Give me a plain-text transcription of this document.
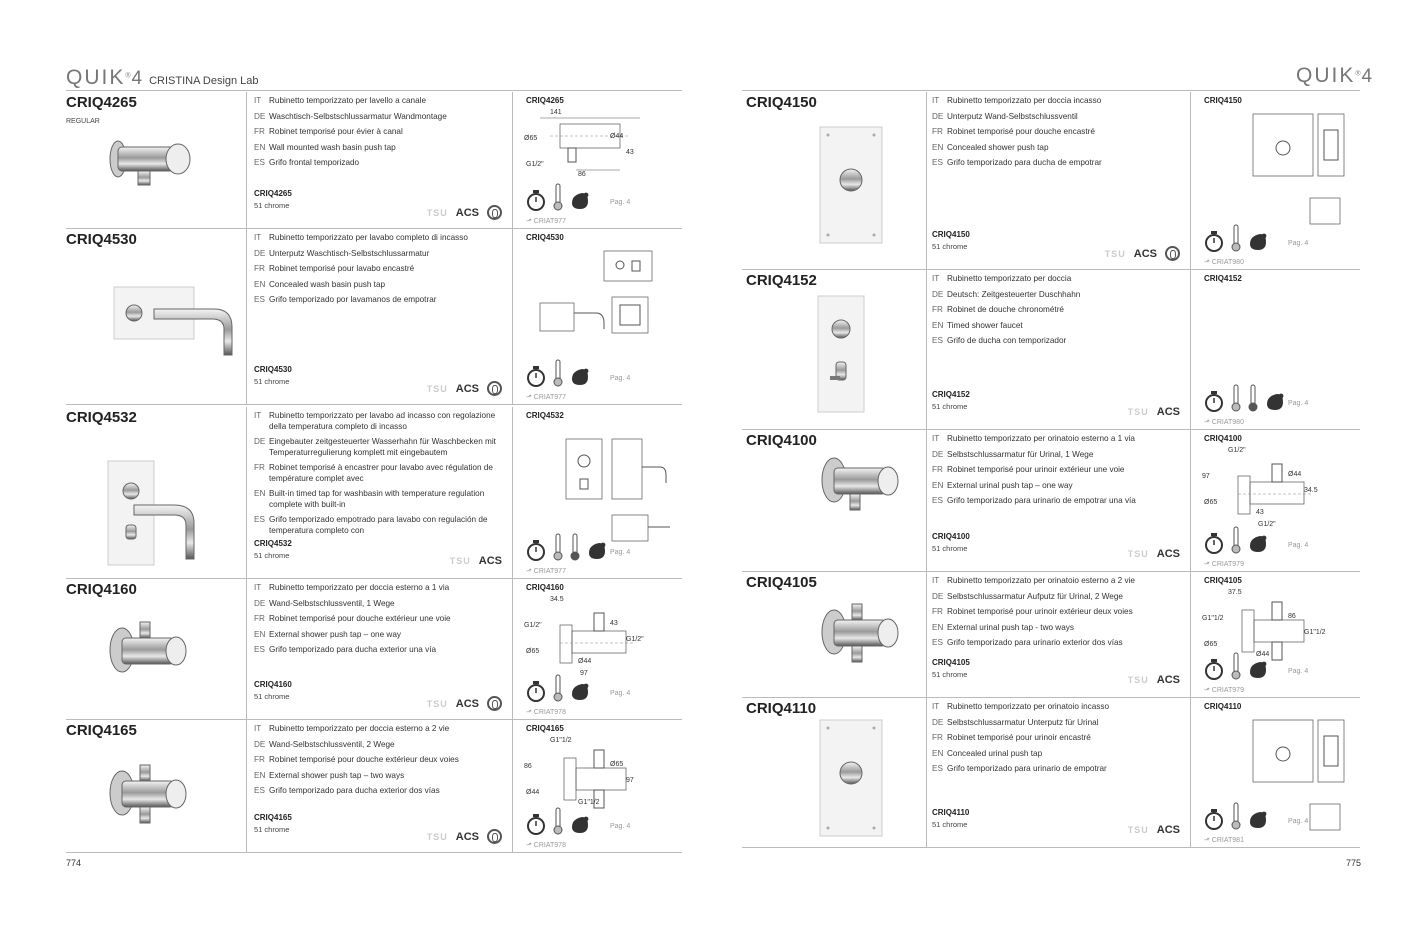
QUIK®4 CRISTINA Design Lab	QUIK®4
CRIQ4265
REGULAR
IT Rubinetto temporizzato per lavello a canale
DE Waschtisch-Selbstschlussarmatur Wandmontage
FR Robinet temporisé pour évier à canal
EN Wall mounted wash basin push tap
ES Grifo frontal temporizado
CRIQ4265
51 chrome
TSU ACS
CRIQ4265
141
Ø65	Ø44
G1/2"
86
43
Pag. 4
⬏ CRIAT977
CRIQ4530	IT Rubinetto temporizzato per lavabo completo di incasso
DE Unterputz Waschtisch-Selbstschlussarmatur
FR Robinet temporisé pour lavabo encastré
EN Concealed wash basin push tap
ES Grifo temporizado por lavamanos de empotrar
CRIQ4530
51 chrome
TSU ACS
CRIQ4530
Pag. 4
⬏ CRIAT977
CRIQ4532	IT Rubinetto temporizzato per lavabo ad incasso con regolazione della temperatura completo di incasso
DE Eingebauter zeitgesteuerter Wasserhahn für Waschbecken mit Temperaturregulierung komplett mit eingebautem
FR Robinet temporisé à encastrer pour lavabo avec régulation de température complet avec
EN Built-in timed tap for washbasin with temperature regulation complete with built-in
ES Grifo temporizado empotrado para lavabo con regulación de temperatura completo con
CRIQ4532
51 chrome
TSU ACS
CRIQ4532
Pag. 4
⬏ CRIAT977
CRIQ4160	IT Rubinetto temporizzato per doccia esterno a 1 via
DE Wand-Selbstschlussventil, 1 Wege
FR Robinet temporisé pour douche extérieur une voie
EN External shower push tap – one way
ES Grifo temporizado para ducha exterior una vía
CRIQ4160
51 chrome
TSU ACS
CRIQ4160
34.5
G1/2"	43
Ø65
Ø44
G1/2"
97
Pag. 4
⬏ CRIAT978
CRIQ4165	IT Rubinetto temporizzato per doccia esterno a 2 vie
DE Wand-Selbstschlussventil, 2 Wege
FR Robinet temporisé pour douche extérieur deux voies
EN External shower push tap – two ways
ES Grifo temporizado para ducha exterior dos vías
CRIQ4165
51 chrome
TSU ACS
CRIQ4165
G1"1/2
86	Ø65
Ø44
G1"1/2
97
Pag. 4
⬏ CRIAT978
CRIQ4150	IT Rubinetto temporizzato per doccia incasso
DE Unterputz Wand-Selbstschlussventil
FR Robinet temporisé pour douche encastré
EN Concealed shower push tap
ES Grifo temporizado para ducha de empotrar
CRIQ4150
51 chrome
TSU ACS
CRIQ4150
Pag. 4
⬏ CRIAT980
CRIQ4152	IT Rubinetto temporizzato per doccia
DE Deutsch: Zeitgesteuerter Duschhahn
FR Robinet de douche chronométré
EN Timed shower faucet
ES Grifo de ducha con temporizador
CRIQ4152
51 chrome
TSU ACS
CRIQ4152
Pag. 4
⬏ CRIAT980
CRIQ4100	IT Rubinetto temporizzato per orinatoio esterno a 1 via
DE Selbstschlussarmatur für Urinal, 1 Wege
FR Robinet temporisé pour urinoir extérieur une voie
EN External urinal push tap – one way
ES Grifo temporizado para urinario de empotrar una vía
CRIQ4100
51 chrome
TSU ACS
CRIQ4100
G1/2"
97	Ø44
Ø65
43
34.5
G1/2"
Pag. 4
⬏ CRIAT979
CRIQ4105	IT Rubinetto temporizzato per orinatoio esterno a 2 vie
DE Selbstschlussarmatur Aufputz für Urinal, 2 Wege
FR Robinet temporisé pour urinoir extérieur deux voies
EN External urinal push tap - two ways
ES Grifo temporizado para urinario exterior dos vías
CRIQ4105
51 chrome
TSU ACS
CRIQ4105
37.5
G1"1/2	86
Ø65
Ø44
G1"1/2
Pag. 4
⬏ CRIAT979
CRIQ4110	IT Rubinetto temporizzato per orinatoio incasso
DE Selbstschlussarmatur Unterputz für Urinal
FR Robinet temporisé pour urinoir encastré
EN Concealed urinal push tap
ES Grifo temporizado para urinario de empotrar
CRIQ4110
51 chrome
TSU ACS
CRIQ4110
Pag. 4
⬏ CRIAT981
774	775
